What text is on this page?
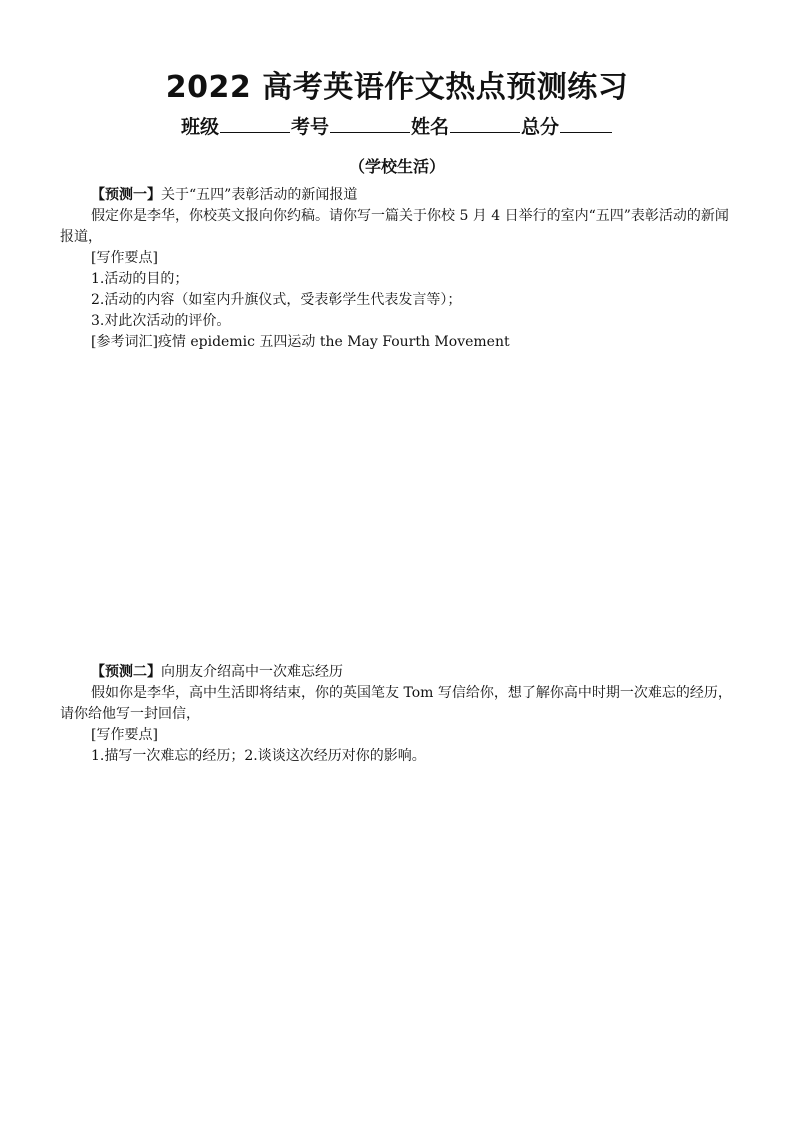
2022 高考英语作文热点预测练习
班级	考号	姓名	总分
（学校生活）

【预测一】关于“五四”表彰活动的新闻报道

假定你是李华，你校英文报向你约稿。请你写一篇关于你校 5 月 4 日举行的室内“五四”表彰活动的新闻报道，

[写作要点]

1.活动的目的；

2.活动的内容（如室内升旗仪式，受表彰学生代表发言等）；

3.对此次活动的评价。

[参考词汇]疫情 epidemic 五四运动 the May Fourth Movement

【预测二】向朋友介绍高中一次难忘经历

假如你是李华，高中生活即将结束，你的英国笔友 Tom 写信给你，想了解你高中时期一次难忘的经历， 请你给他写一封回信，

[写作要点]

1.描写一次难忘的经历；2.谈谈这次经历对你的影响。
